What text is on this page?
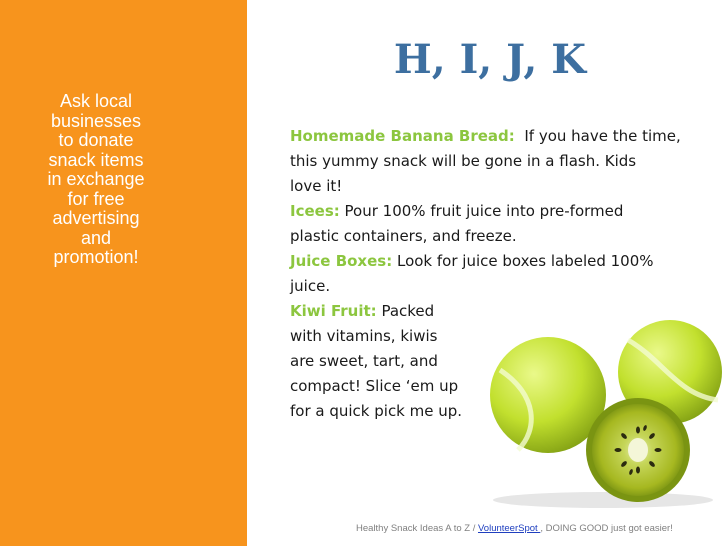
Ask local
businesses
to donate
snack items
in exchange
for free
advertising
and
promotion!
H, I, J, K
Homemade Banana Bread: If you have the time,
this yummy snack will be gone in a flash. Kids
love it!
Icees: Pour 100% fruit juice into pre-formed
plastic containers, and freeze.
Juice Boxes: Look for juice boxes labeled 100%
juice.
Kiwi Fruit: Packed
with vitamins, kiwis
are sweet, tart, and
compact! Slice ‘em up
for a quick pick me up.
Healthy Snack Ideas A to Z / VolunteerSpot , DOING GOOD just got easier!
